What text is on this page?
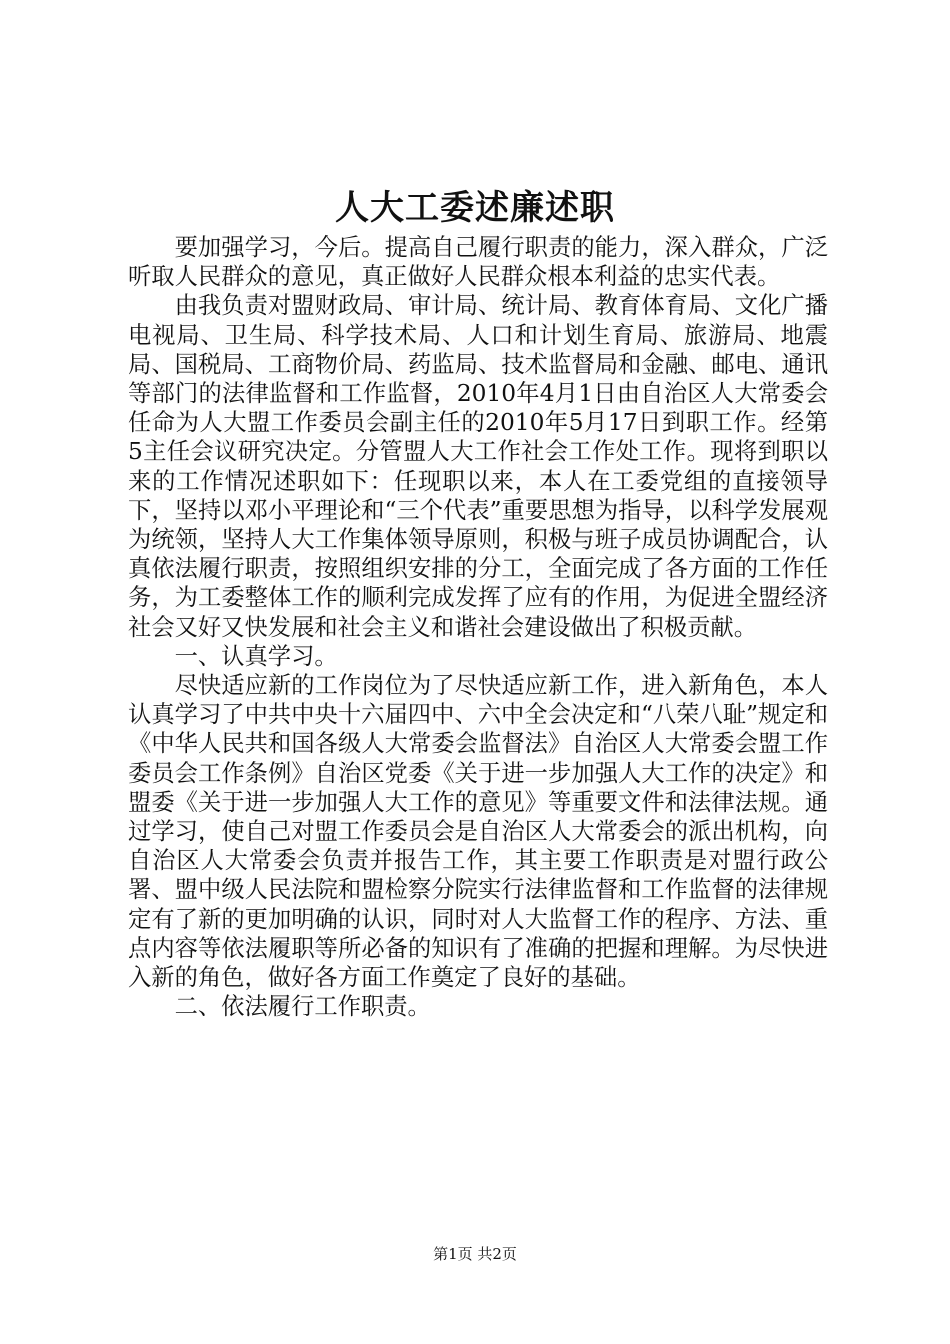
人大工委述廉述职

要加强学习，今后。提高自己履行职责的能力，深入群众，广泛听取人民群众的意见，真正做好人民群众根本利益的忠实代表。

由我负责对盟财政局、审计局、统计局、教育体育局、文化广播电视局、卫生局、科学技术局、人口和计划生育局、旅游局、地震局、国税局、工商物价局、药监局、技术监督局和金融、邮电、通讯等部门的法律监督和工作监督，2010年4月1日由自治区人大常委会任命为人大盟工作委员会副主任的2010年5月17日到职工作。经第5主任会议研究决定。分管盟人大工作社会工作处工作。现将到职以来的工作情况述职如下：任现职以来，本人在工委党组的直接领导下，坚持以邓小平理论和“三个代表”重要思想为指导，以科学发展观为统领，坚持人大工作集体领导原则，积极与班子成员协调配合，认真依法履行职责，按照组织安排的分工，全面完成了各方面的工作任务，为工委整体工作的顺利完成发挥了应有的作用，为促进全盟经济社会又好又快发展和社会主义和谐社会建设做出了积极贡献。

一、认真学习。

尽快适应新的工作岗位为了尽快适应新工作，进入新角色，本人认真学习了中共中央十六届四中、六中全会决定和“八荣八耻”规定和《中华人民共和国各级人大常委会监督法》自治区人大常委会盟工作委员会工作条例》自治区党委《关于进一步加强人大工作的决定》和盟委《关于进一步加强人大工作的意见》等重要文件和法律法规。通过学习，使自己对盟工作委员会是自治区人大常委会的派出机构，向自治区人大常委会负责并报告工作，其主要工作职责是对盟行政公署、盟中级人民法院和盟检察分院实行法律监督和工作监督的法律规定有了新的更加明确的认识，同时对人大监督工作的程序、方法、重点内容等依法履职等所必备的知识有了准确的把握和理解。为尽快进入新的角色，做好各方面工作奠定了良好的基础。

二、依法履行工作职责。

第1页 共2页
